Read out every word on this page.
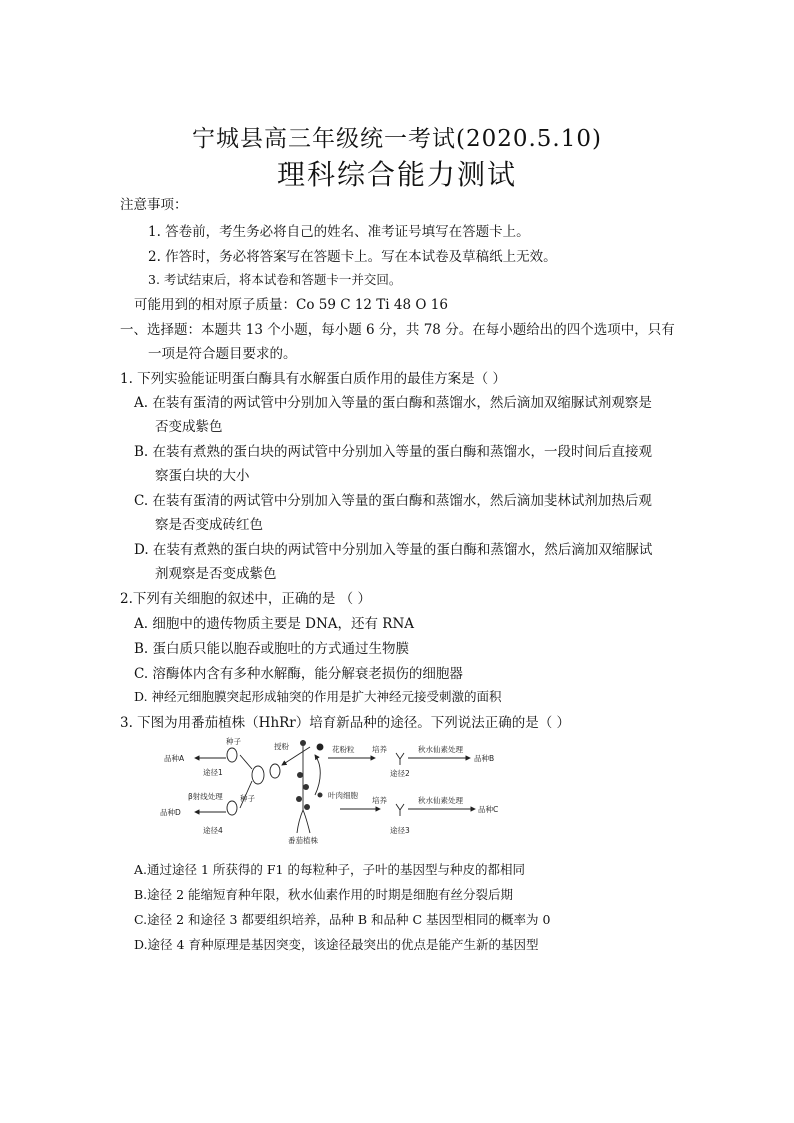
宁城县高三年级统一考试(2020.5.10)
理科综合能力测试
注意事项：
1. 答卷前，考生务必将自己的姓名、准考证号填写在答题卡上。
2. 作答时，务必将答案写在答题卡上。写在本试卷及草稿纸上无效。
3. 考试结束后，将本试卷和答题卡一并交回。
可能用到的相对原子质量：Co 59 C 12 Ti 48 O 16
一、选择题：本题共 13 个小题，每小题 6 分，共 78 分。在每小题给出的四个选项中，只有
一项是符合题目要求的。
1. 下列实验能证明蛋白酶具有水解蛋白质作用的最佳方案是（ ）
A. 在装有蛋清的两试管中分别加入等量的蛋白酶和蒸馏水，然后滴加双缩脲试剂观察是
否变成紫色
B. 在装有煮熟的蛋白块的两试管中分别加入等量的蛋白酶和蒸馏水，一段时间后直接观
察蛋白块的大小
C. 在装有蛋清的两试管中分别加入等量的蛋白酶和蒸馏水，然后滴加斐林试剂加热后观
察是否变成砖红色
D. 在装有煮熟的蛋白块的两试管中分别加入等量的蛋白酶和蒸馏水，然后滴加双缩脲试
剂观察是否变成紫色
2.下列有关细胞的叙述中，正确的是 （ ）
A. 细胞中的遗传物质主要是 DNA，还有 RNA
B. 蛋白质只能以胞吞或胞吐的方式通过生物膜
C. 溶酶体内含有多种水解酶，能分解衰老损伤的细胞器
D. 神经元细胞膜突起形成轴突的作用是扩大神经元接受刺激的面积
3. 下图为用番茄植株（HhRr）培育新品种的途径。下列说法正确的是（ ）
品种A
种子
途径1
授粉	花粉粒 培养	秋水仙素处理
品种B
途径2
β射线处理
品种D
种子
途径4
叶肉细胞
培养	秋水仙素处理
品种C
途径3
番茄植株
A.通过途径 1 所获得的 F1 的每粒种子，子叶的基因型与种皮的都相同
B.途径 2 能缩短育种年限，秋水仙素作用的时期是细胞有丝分裂后期
C.途径 2 和途径 3 都要组织培养，品种 B 和品种 C 基因型相同的概率为 0
D.途径 4 育种原理是基因突变，该途径最突出的优点是能产生新的基因型
